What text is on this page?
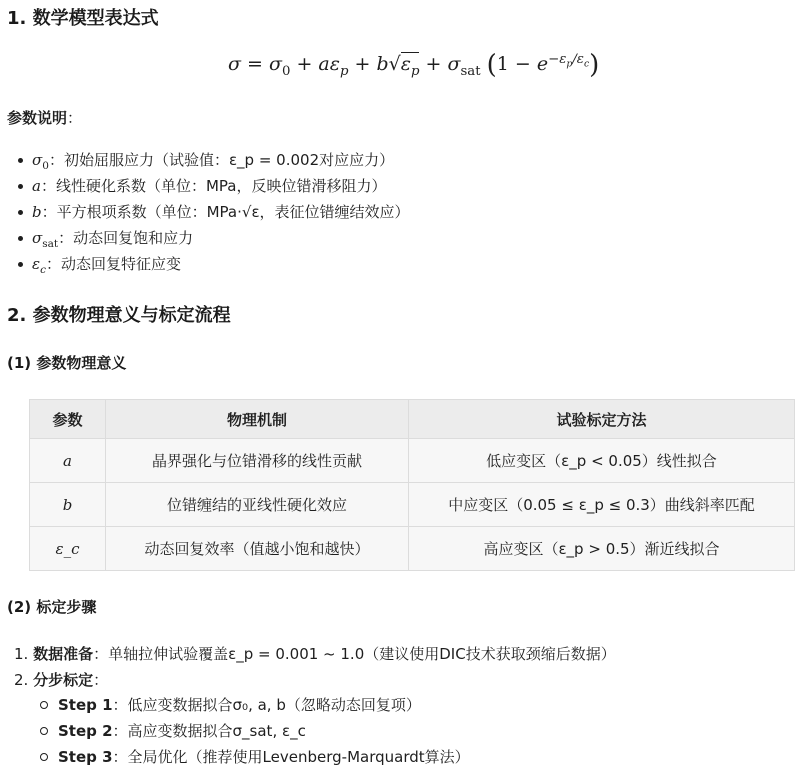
1. 数学模型表达式
$\sigma = \sigma_0 + a\varepsilon_p + b√\varepsilon_p + \sigma_{sat}$ $(1 - e^{-\varepsilon_p/\varepsilon_c})$
参数说明：
$\sigma_0$：初始屈服应力（试验值：ε_p = 0.002对应应力）
a：线性硬化系数（单位：MPa，反映位错滑移阻力）
b：平方根项系数（单位：MPa·√ε，表征位错缠结效应）
$\sigma_{sat}$：动态回复饱和应力
$\varepsilon_c$：动态回复特征应变
2. 参数物理意义与标定流程
(1) 参数物理意义
参数	物理机制	试验标定方法
a	晶界强化与位错滑移的线性贡献	低应变区（ε_p < 0.05）线性拟合
b	位错缠结的亚线性硬化效应	中应变区（0.05 ≤ ε_p ≤ 0.3）曲线斜率匹配
ε_c	动态回复效率（值越小饱和越快）	高应变区（ε_p > 0.5）渐近线拟合
(2) 标定步骤
1. 数据准备：单轴拉伸试验覆盖ε_p = 0.001 ~ 1.0（建议使用DIC技术获取颈缩后数据）
2. 分步标定：
Step 1：低应变数据拟合σ₀, a, b（忽略动态回复项）
Step 2：高应变数据拟合σ_sat, ε_c
Step 3：全局优化（推荐使用Levenberg-Marquardt算法）
